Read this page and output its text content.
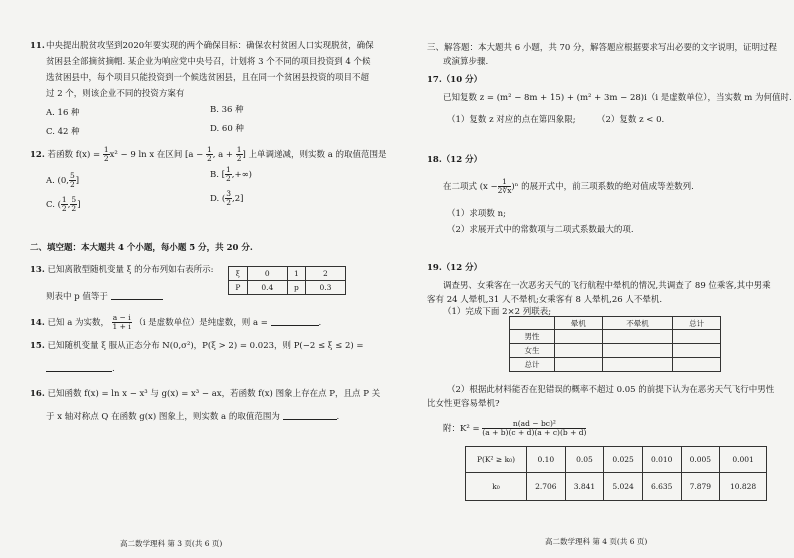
11. 中央提出脱贫攻坚到2020年要实现的两个确保目标：确保农村贫困人口实现脱贫，确保
贫困县全部摘贫摘帽. 某企业为响应党中央号召，计划将 3 个不同的项目投资到 4 个候
选贫困县中，每个项目只能投资到一个候选贫困县，且在同一个贫困县投资的项目不超
过 2 个，则该企业不同的投资方案有
A. 16 种	B. 36 种
C. 42 种	D. 60 种
12. 若函数 $f(x) = \frac{1}{2} x^2 - 9$ ln x 在区间 [$a - \frac{1}{2}$ , $a + \frac{1}{2}$ ] 上单调递减，则实数 a 的取值范围是
A. (0, $\frac{5}{2}$ ]
B. [ $\frac{1}{2}$ ,+∞)
C. ( $\frac{1}{2}$ , $\frac{5}{2}$ ]
D. ( $\frac{3}{2} ,2$]
二、填空题：本大题共 4 个小题，每小题 5 分，共 20 分.
13. 已知离散型随机变量 ξ 的分布列如右表所示:	ξ	0	1	2
P	0.4	p	0.3
则表中 p 值等于
14. 已知 a 为实数， $\frac{a - i}{1 + i} (i$ 是虚数单位）是纯虚数，则 a =	.
15. 已知随机变量 ξ 服从正态分布 N(0,σ²)，P(ξ > 2) = 0.023，则 P(−2 ≤ ξ ≤ 2) =
.
16. 已知函数 f(x) = ln x − x³ 与 g(x) = x³ − ax，若函数 f(x) 图象上存在点 P，且点 P 关
于 x 轴对称点 Q 在函数 g(x) 图象上，则实数 a 的取值范围为	.
高二数学理科 第 3 页(共 6 页)
三、解答题：本大题共 6 小题，共 70 分，解答题应根据要求写出必要的文字说明，证明过程
或演算步骤.
17.（10 分）
已知复数 z = (m² − 8m + 15) + (m² + 3m − 28)i（i 是虚数单位），当实数 m 为何值时.
（1）复数 z 对应的点在第四象限;	（2）复数 z < 0.
18.（12 分）
在二项式 $(x - \frac{1}{2∜x} )^n$ 的展开式中，前三项系数的绝对值成等差数列.
（1）求项数 n;
（2）求展开式中的常数项与二项式系数最大的项.
19.（12 分）
调查男、女乘客在一次恶劣天气的飞行航程中晕机的情况,共调查了 89 位乘客,其中男乘
客有 24 人晕机,31 人不晕机;女乘客有 8 人晕机,26 人不晕机.
（1）完成下面 2×2 列联表;
	晕机	不晕机	总计
男性			
女生			
总计			
（2）根据此材料能否在犯错误的概率不超过 0.05 的前提下认为在恶劣天气飞行中男性
比女性更容易晕机?
附：$K^2 = \frac{\text{n(ad − bc)²}}{(a + b)(c + d)(a + c)(b + d)}$
P(K² ≥ k₀)	0.10	0.05	0.025	0.010	0.005	0.001
k₀	2.706	3.841	5.024	6.635	7.879	10.828
高二数学理科 第 4 页(共 6 页)
